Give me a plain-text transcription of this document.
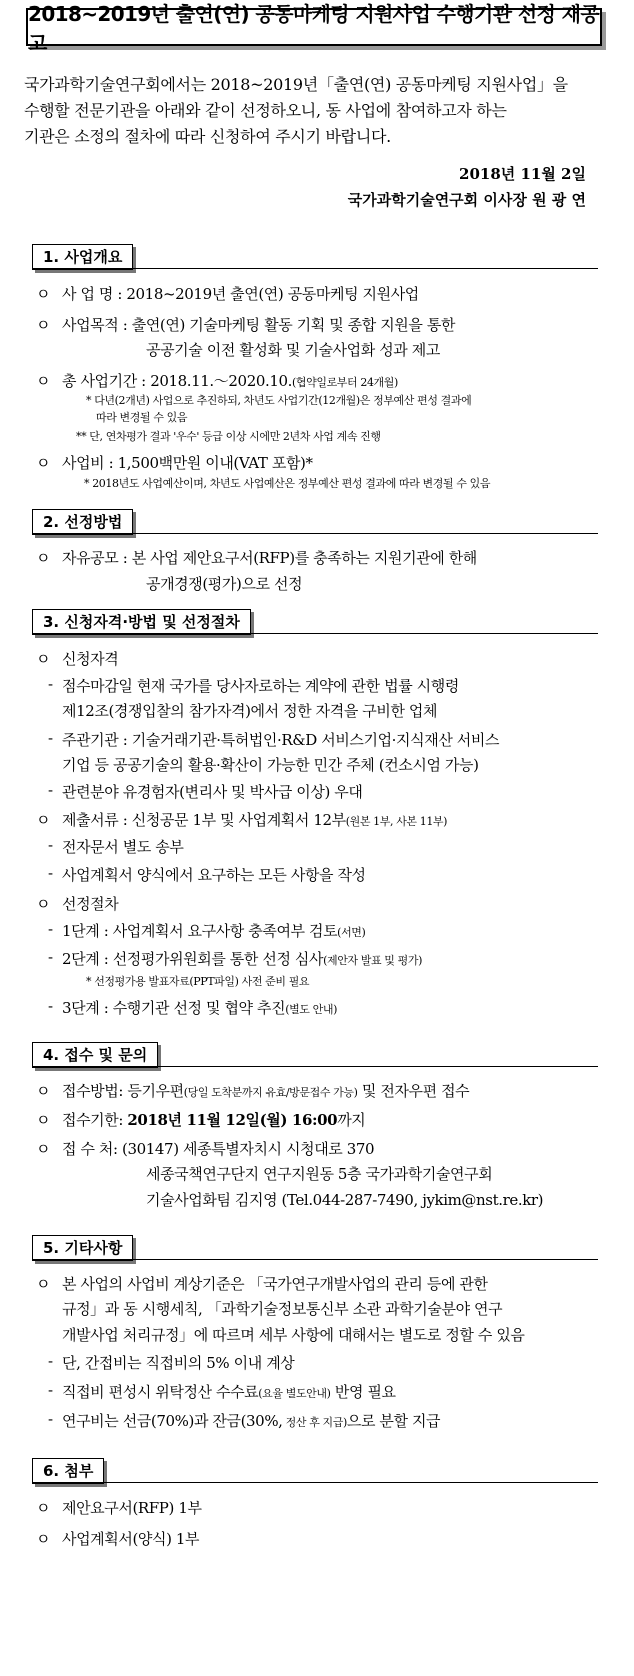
2018~2019년 출연(연) 공동마케팅 지원사업 수행기관 선정 재공고
국가과학기술연구회에서는 2018~2019년「출연(연) 공동마케팅 지원사업」을
수행할 전문기관을 아래와 같이 선정하오니, 동 사업에 참여하고자 하는
기관은 소정의 절차에 따라 신청하여 주시기 바랍니다.
2018년 11월 2일
국가과학기술연구회 이사장 원 광 연
1. 사업개요
ㅇ 사 업 명 : 2018~2019년 출연(연) 공동마케팅 지원사업
ㅇ 사업목적 : 출연(연) 기술마케팅 활동 기획 및 종합 지원을 통한
공공기술 이전 활성화 및 기술사업화 성과 제고
ㅇ 총 사업기간 : 2018.11.～2020.10.(협약일로부터 24개월)
* 다년(2개년) 사업으로 추진하되, 차년도 사업기간(12개월)은 정부예산 편성 결과에
따라 변경될 수 있음
** 단, 연차평가 결과 '우수' 등급 이상 시에만 2년차 사업 계속 진행
ㅇ 사업비 : 1,500백만원 이내(VAT 포함)*
* 2018년도 사업예산이며, 차년도 사업예산은 정부예산 편성 결과에 따라 변경될 수 있음
2. 선정방법
ㅇ 자유공모 : 본 사업 제안요구서(RFP)를 충족하는 지원기관에 한해
공개경쟁(평가)으로 선정
3. 신청자격·방법 및 선정절차
ㅇ 신청자격
- 점수마감일 현재 국가를 당사자로하는 계약에 관한 법률 시행령
제12조(경쟁입찰의 참가자격)에서 정한 자격을 구비한 업체
- 주관기관 : 기술거래기관·특허법인·R&D 서비스기업·지식재산 서비스
기업 등 공공기술의 활용·확산이 가능한 민간 주체 (컨소시엄 가능)
- 관련분야 유경험자(변리사 및 박사급 이상) 우대
ㅇ 제출서류 : 신청공문 1부 및 사업계획서 12부(원본 1부, 사본 11부)
- 전자문서 별도 송부
- 사업계획서 양식에서 요구하는 모든 사항을 작성
ㅇ 선정절차
- 1단계 : 사업계획서 요구사항 충족여부 검토(서면)
- 2단계 : 선정평가위원회를 통한 선정 심사(제안자 발표 및 평가)
* 선정평가용 발표자료(PPT파일) 사전 준비 필요
- 3단계 : 수행기관 선정 및 협약 추진(별도 안내)
4. 접수 및 문의
ㅇ 접수방법: 등기우편(당일 도착분까지 유효/방문접수 가능) 및 전자우편 접수
ㅇ 접수기한: 2018년 11월 12일(월) 16:00까지
ㅇ 접 수 처: (30147) 세종특별자치시 시청대로 370
세종국책연구단지 연구지원동 5층 국가과학기술연구회
기술사업화팀 김지영 (Tel.044-287-7490, jykim@nst.re.kr)
5. 기타사항
ㅇ 본 사업의 사업비 계상기준은 「국가연구개발사업의 관리 등에 관한
규정」과 동 시행세칙, 「과학기술정보통신부 소관 과학기술분야 연구
개발사업 처리규정」에 따르며 세부 사항에 대해서는 별도로 정할 수 있음
- 단, 간접비는 직접비의 5% 이내 계상
- 직접비 편성시 위탁정산 수수료(요율 별도안내) 반영 필요
- 연구비는 선금(70%)과 잔금(30%, 정산 후 지급)으로 분할 지급
6. 첨부
ㅇ 제안요구서(RFP) 1부
ㅇ 사업계획서(양식) 1부
